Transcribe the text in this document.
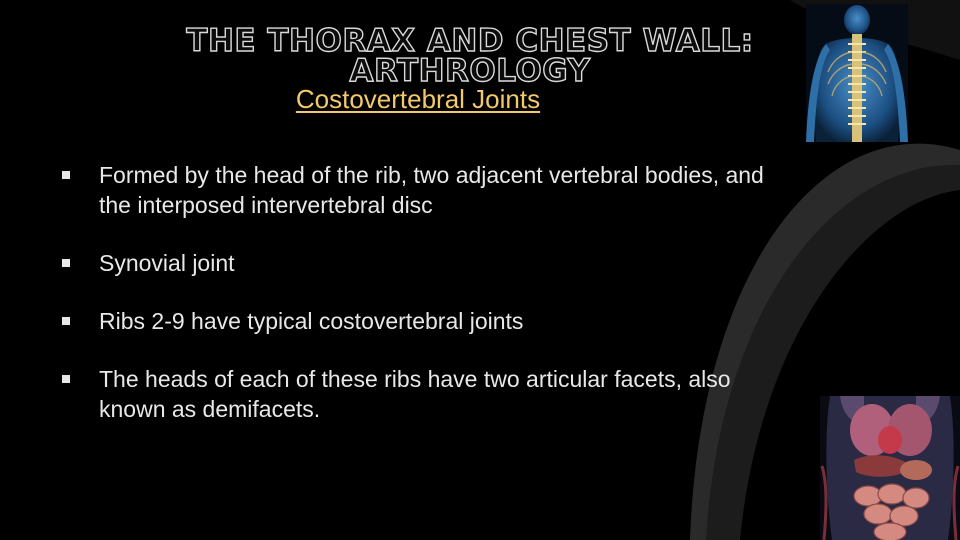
THE THORAX AND CHEST WALL: ARTHROLOGY
Costovertebral Joints
Formed by the head of the rib, two adjacent vertebral bodies, and the interposed intervertebral disc
Synovial joint
Ribs 2-9 have typical costovertebral joints
The heads of each of these ribs have two articular facets, also known as demifacets.
